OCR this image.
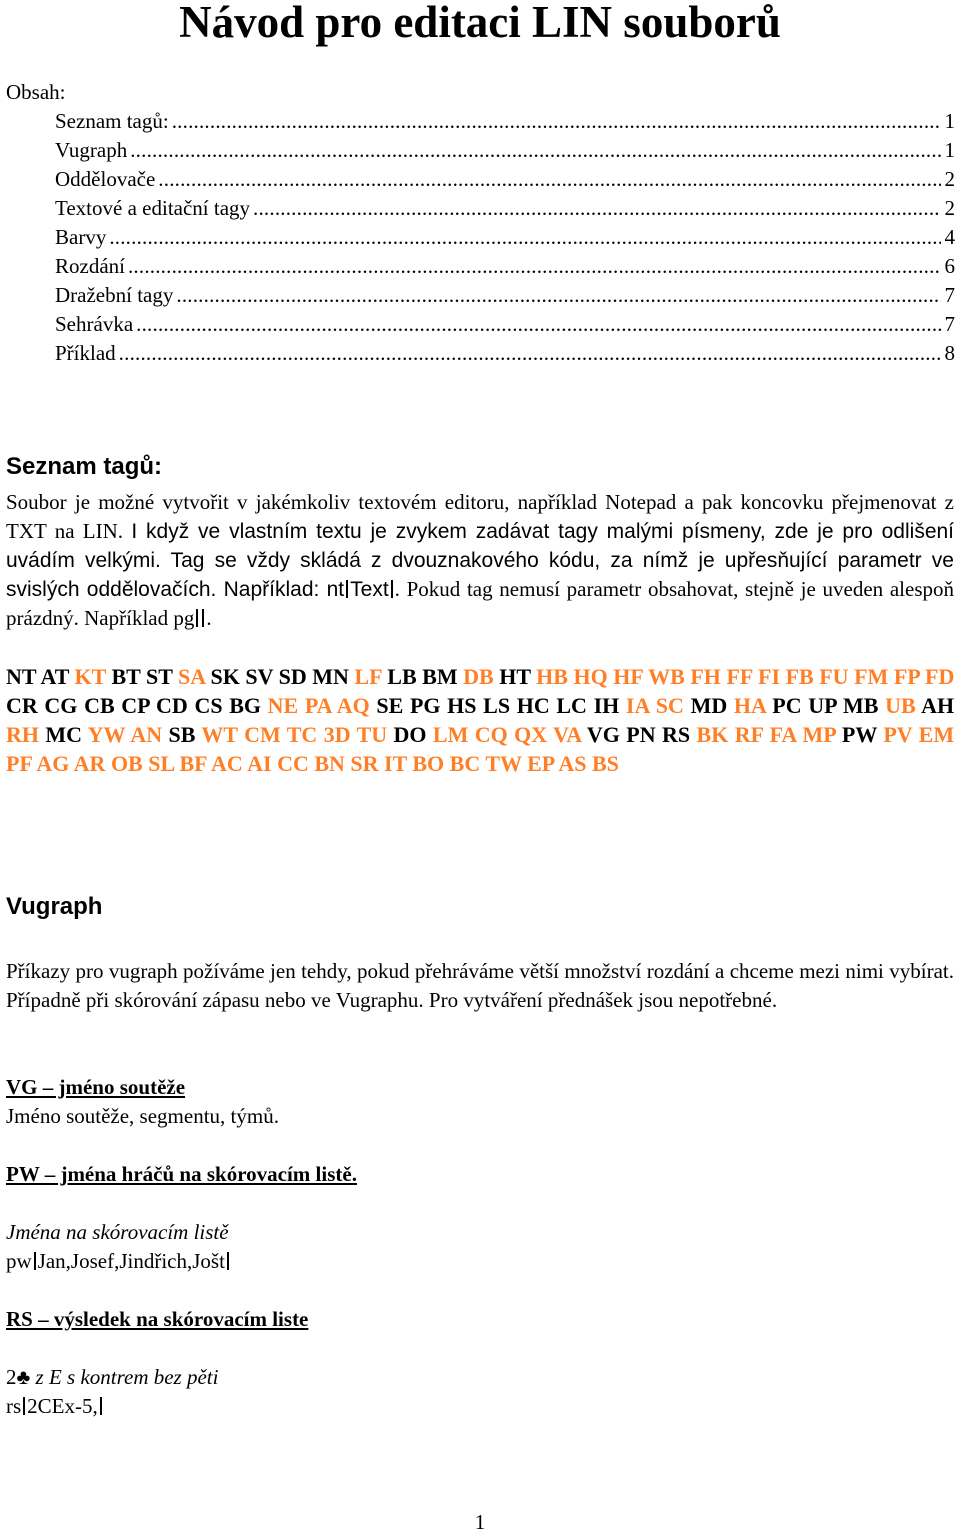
Návod pro editaci LIN souborů
Obsah:
Seznam tagů: .....	1
Vugraph .....	1
Oddělovače .....	2
Textové a editační tagy .....	2
Barvy .....	4
Rozdání .....	6
Dražební tagy .....	7
Sehrávka .....	7
Příklad .....	8
Seznam tagů:
Soubor je možné vytvořit v jakémkoliv textovém editoru, například Notepad a pak koncovku přejmenovat z TXT na LIN. I když ve vlastním textu je zvykem zadávat tagy malými písmeny, zde je pro odlišení uvádím velkými. Tag se vždy skládá z dvouznakového kódu, za nímž je upřesňující parametr ve svislých oddělovačích. Například: nt Text . Pokud tag nemusí parametr obsahovat, stejně je uveden alespoň prázdný. Například pg .
NT AT KT BT ST SA SK SV SD MN LF LB BM DB HT HB HQ HF WB FH FF FI FB FU FM FP FD CR CG CB CP CD CS BG NE PA AQ SE PG HS LS HC LC IH IA SC MD HA PC UP MB UB AH RH MC YW AN SB WT CM TC 3D TU DO LM CQ QX VA VG PN RS BK RF FA MP PW PV EM PF AG AR OB SL BF AC AI CC BN SR IT BO BC TW EP AS BS
Vugraph
Příkazy pro vugraph požíváme jen tehdy, pokud přehráváme větší množství rozdání a chceme mezi nimi vybírat. Případně při skórování zápasu nebo ve Vugraphu. Pro vytváření přednášek jsou nepotřebné.
VG – jméno soutěže
Jméno soutěže, segmentu, týmů.
PW – jména hráčů na skórovacím listě.
Jména na skórovacím listě
pw Jan,Josef,Jindřich,Jošt
RS – výsledek na skórovacím liste
2♣ z E s kontrem bez pěti
rs 2CEx-5,
1
